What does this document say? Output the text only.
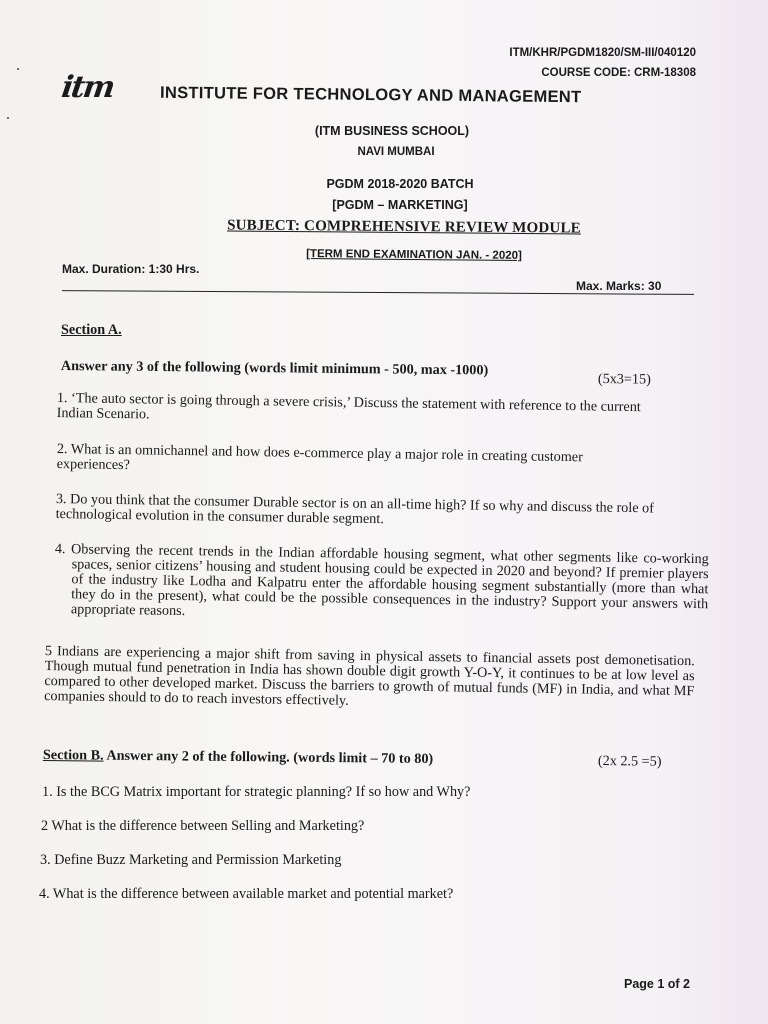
ITM/KHR/PGDM1820/SM-III/040120
COURSE CODE: CRM-18308
itm	INSTITUTE FOR TECHNOLOGY AND MANAGEMENT
(ITM BUSINESS SCHOOL)
NAVI MUMBAI
PGDM 2018-2020 BATCH
[PGDM – MARKETING]
SUBJECT: COMPREHENSIVE REVIEW MODULE
[TERM END EXAMINATION JAN. - 2020]
Max. Duration: 1:30 Hrs.
Max. Marks: 30
Section A.
Answer any 3 of the following (words limit minimum - 500, max -1000)
(5x3=15)
1. ‘The auto sector is going through a severe crisis,’ Discuss the statement with reference to the current Indian Scenario.
2. What is an omnichannel and how does e-commerce play a major role in creating customer experiences?
3. Do you think that the consumer Durable sector is on an all-time high? If so why and discuss the role of technological evolution in the consumer durable segment.
4. Observing the recent trends in the Indian affordable housing segment, what other segments like co-working spaces, senior citizens’ housing and student housing could be expected in 2020 and beyond? If premier players of the industry like Lodha and Kalpatru enter the affordable housing segment substantially (more than what they do in the present), what could be the possible consequences in the industry? Support your answers with appropriate reasons.
5 Indians are experiencing a major shift from saving in physical assets to financial assets post demonetisation. Though mutual fund penetration in India has shown double digit growth Y-O-Y, it continues to be at low level as compared to other developed market. Discuss the barriers to growth of mutual funds (MF) in India, and what MF companies should to do to reach investors effectively.
Section B. Answer any 2 of the following. (words limit – 70 to 80)	(2x 2.5 =5)
1. Is the BCG Matrix important for strategic planning? If so how and Why?
2 What is the difference between Selling and Marketing?
3. Define Buzz Marketing and Permission Marketing
4. What is the difference between available market and potential market?
Page 1 of 2
